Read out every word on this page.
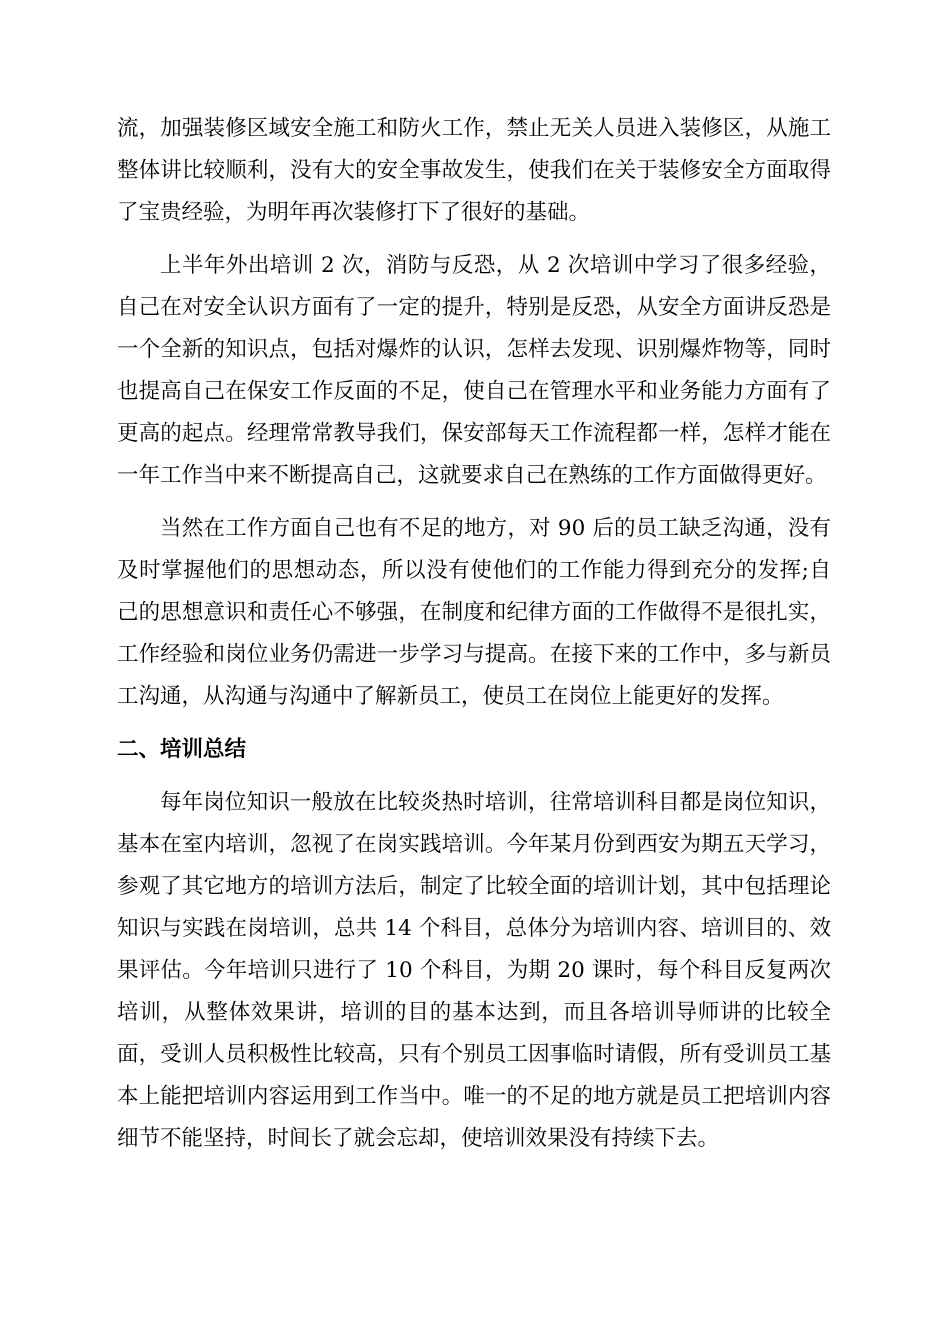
流，加强装修区域安全施工和防火工作，禁止无关人员进入装修区，从施工整体讲比较顺利，没有大的安全事故发生，使我们在关于装修安全方面取得了宝贵经验，为明年再次装修打下了很好的基础。

上半年外出培训 2 次，消防与反恐，从 2 次培训中学习了很多经验，自己在对安全认识方面有了一定的提升，特别是反恐，从安全方面讲反恐是一个全新的知识点，包括对爆炸的认识，怎样去发现、识别爆炸物等，同时也提高自己在保安工作反面的不足，使自己在管理水平和业务能力方面有了更高的起点。经理常常教导我们，保安部每天工作流程都一样，怎样才能在一年工作当中来不断提高自己，这就要求自己在熟练的工作方面做得更好。

当然在工作方面自己也有不足的地方，对 90 后的员工缺乏沟通，没有及时掌握他们的思想动态，所以没有使他们的工作能力得到充分的发挥;自己的思想意识和责任心不够强，在制度和纪律方面的工作做得不是很扎实，工作经验和岗位业务仍需进一步学习与提高。在接下来的工作中，多与新员工沟通，从沟通与沟通中了解新员工，使员工在岗位上能更好的发挥。

二、培训总结

每年岗位知识一般放在比较炎热时培训，往常培训科目都是岗位知识，基本在室内培训，忽视了在岗实践培训。今年某月份到西安为期五天学习，参观了其它地方的培训方法后，制定了比较全面的培训计划，其中包括理论知识与实践在岗培训，总共 14 个科目，总体分为培训内容、培训目的、效果评估。今年培训只进行了 10 个科目，为期 20 课时，每个科目反复两次培训，从整体效果讲，培训的目的基本达到，而且各培训导师讲的比较全面，受训人员积极性比较高，只有个别员工因事临时请假，所有受训员工基本上能把培训内容运用到工作当中。唯一的不足的地方就是员工把培训内容细节不能坚持，时间长了就会忘却，使培训效果没有持续下去。
